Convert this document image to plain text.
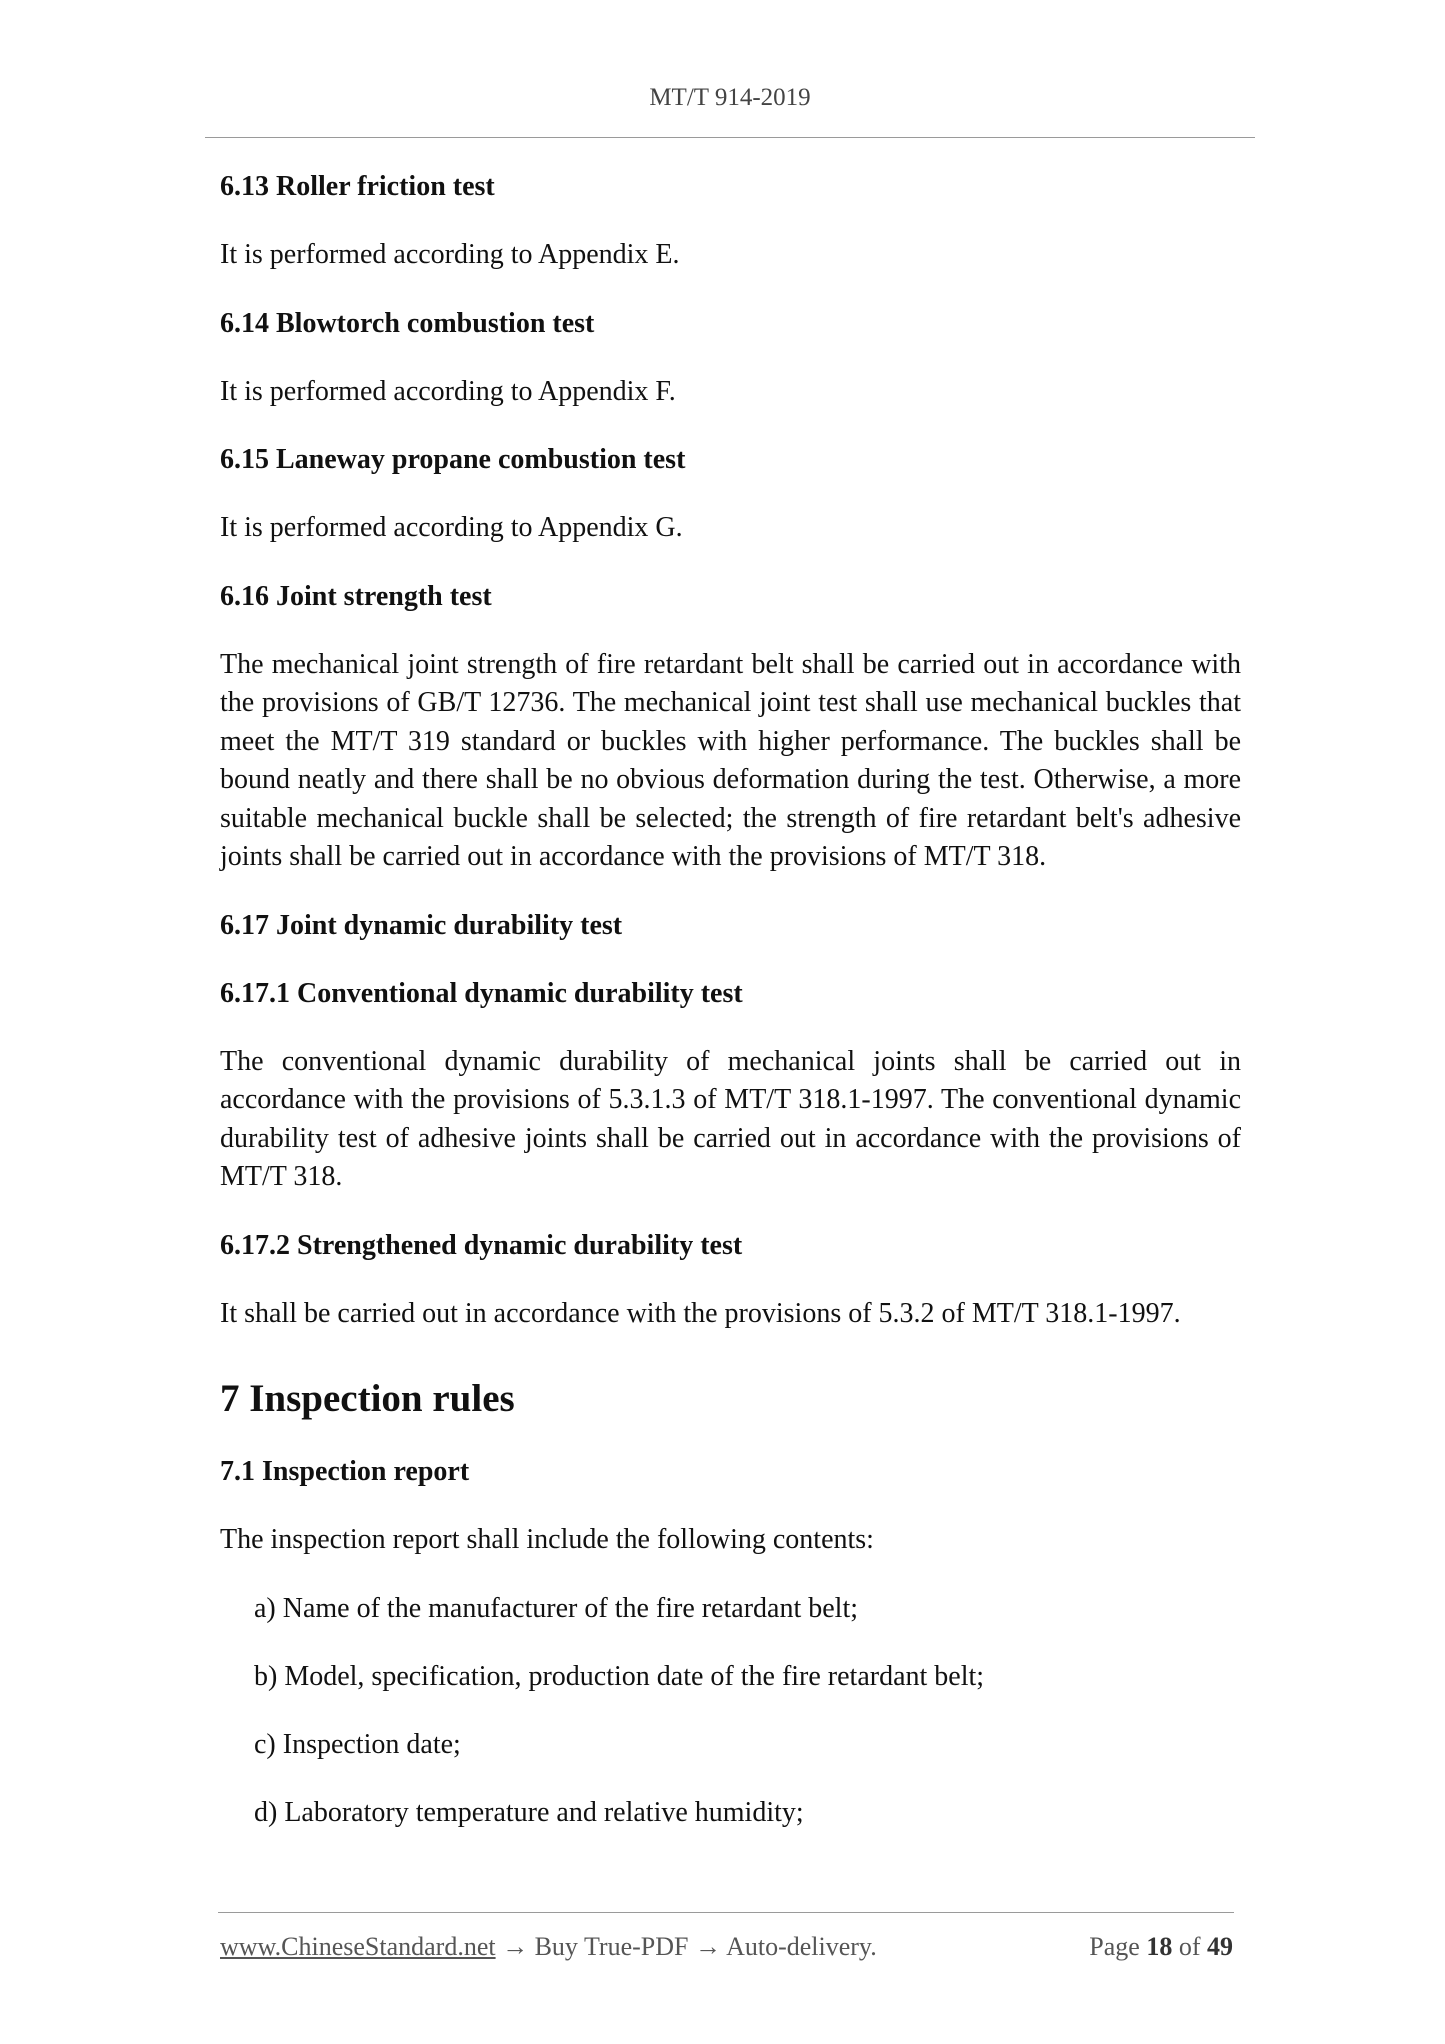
MT/T 914-2019
6.13 Roller friction test
It is performed according to Appendix E.
6.14 Blowtorch combustion test
It is performed according to Appendix F.
6.15 Laneway propane combustion test
It is performed according to Appendix G.
6.16 Joint strength test
The mechanical joint strength of fire retardant belt shall be carried out in accordance with the provisions of GB/T 12736. The mechanical joint test shall use mechanical buckles that meet the MT/T 319 standard or buckles with higher performance. The buckles shall be bound neatly and there shall be no obvious deformation during the test. Otherwise, a more suitable mechanical buckle shall be selected; the strength of fire retardant belt's adhesive joints shall be carried out in accordance with the provisions of MT/T 318.
6.17 Joint dynamic durability test
6.17.1 Conventional dynamic durability test
The conventional dynamic durability of mechanical joints shall be carried out in accordance with the provisions of 5.3.1.3 of MT/T 318.1-1997. The conventional dynamic durability test of adhesive joints shall be carried out in accordance with the provisions of MT/T 318.
6.17.2 Strengthened dynamic durability test
It shall be carried out in accordance with the provisions of 5.3.2 of MT/T 318.1-1997.
7 Inspection rules
7.1 Inspection report
The inspection report shall include the following contents:
a) Name of the manufacturer of the fire retardant belt;
b) Model, specification, production date of the fire retardant belt;
c) Inspection date;
d) Laboratory temperature and relative humidity;
www.ChineseStandard.net → Buy True-PDF → Auto-delivery.	Page 18 of 49
